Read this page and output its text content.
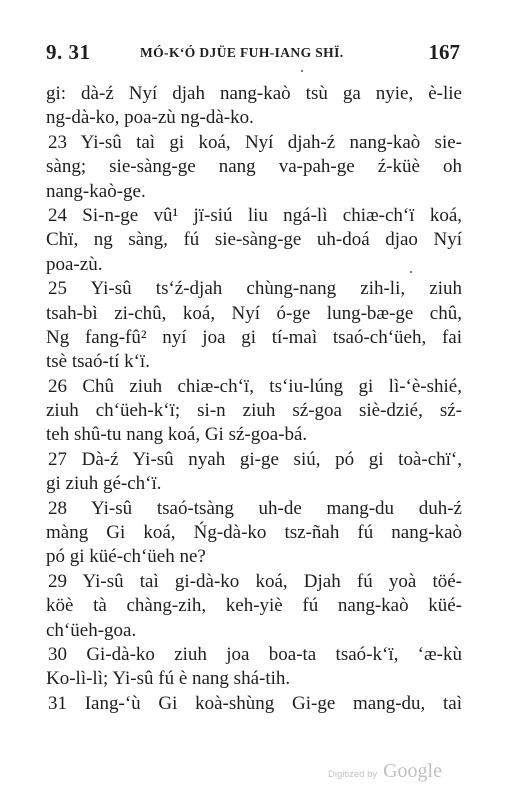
9. 31	MÓ-K‘Ó DJÜE FUH-IANG SHÏ.	167
gi: dà-ź Nyí djah nang-kaò tsù ga nyie, è-lie
ng-dà-ko, poa-zù ng-dà-ko.
23 Yi-sû taì gi koá, Nyí djah-ź nang-kaò sie-
sàng; sie-sàng-ge nang va-pah-ge ź-küè oh
nang-kaò-ge.
24 Si-n-ge vû¹ jï-siú liu ngá-lì chiæ-ch‘ï koá,
Chï, ng sàng, fú sie-sàng-ge uh-doá djao Nyí
poa-zù.
25 Yi-sû ts‘ź-djah chùng-nang zih-li, ziuh
tsah-bì zi-chû, koá, Nyí ó-ge lung-bæ-ge chû,
Ng fang-fû² nyí joa gi tí-maì tsaó-ch‘üeh, fai
tsè tsaó-tí k‘ï.
26 Chû ziuh chiæ-ch‘ï, ts‘iu-lúng gi lì-‘è-shié,
ziuh ch‘üeh-k‘ï; si-n ziuh sź-goa siè-dzié, sź-
teh shû-tu nang koá, Gi sź-goa-bá.
27 Dà-ź Yi-sû nyah gi-ge siú, pó gi toà-chï‘,
gi ziuh gé-ch‘ï.
28 Yi-sû tsaó-tsàng uh-de mang-du duh-ź
màng Gi koá, Ńg-dà-ko tsz-ñah fú nang-kaò
pó gi küé-ch‘üeh ne?
29 Yi-sû taì gi-dà-ko koá, Djah fú yoà töé-
köè tà chàng-zih, keh-yiè fú nang-kaò küé-
ch‘üeh-goa.
30 Gi-dà-ko ziuh joa boa-ta tsaó-k‘ï, ‘æ-kù
Ko-lì-lì; Yi-sû fú è nang shá-tih.
31 Iang-‘ù Gi koà-shùng Gi-ge mang-du, taì
Digitized by Google
